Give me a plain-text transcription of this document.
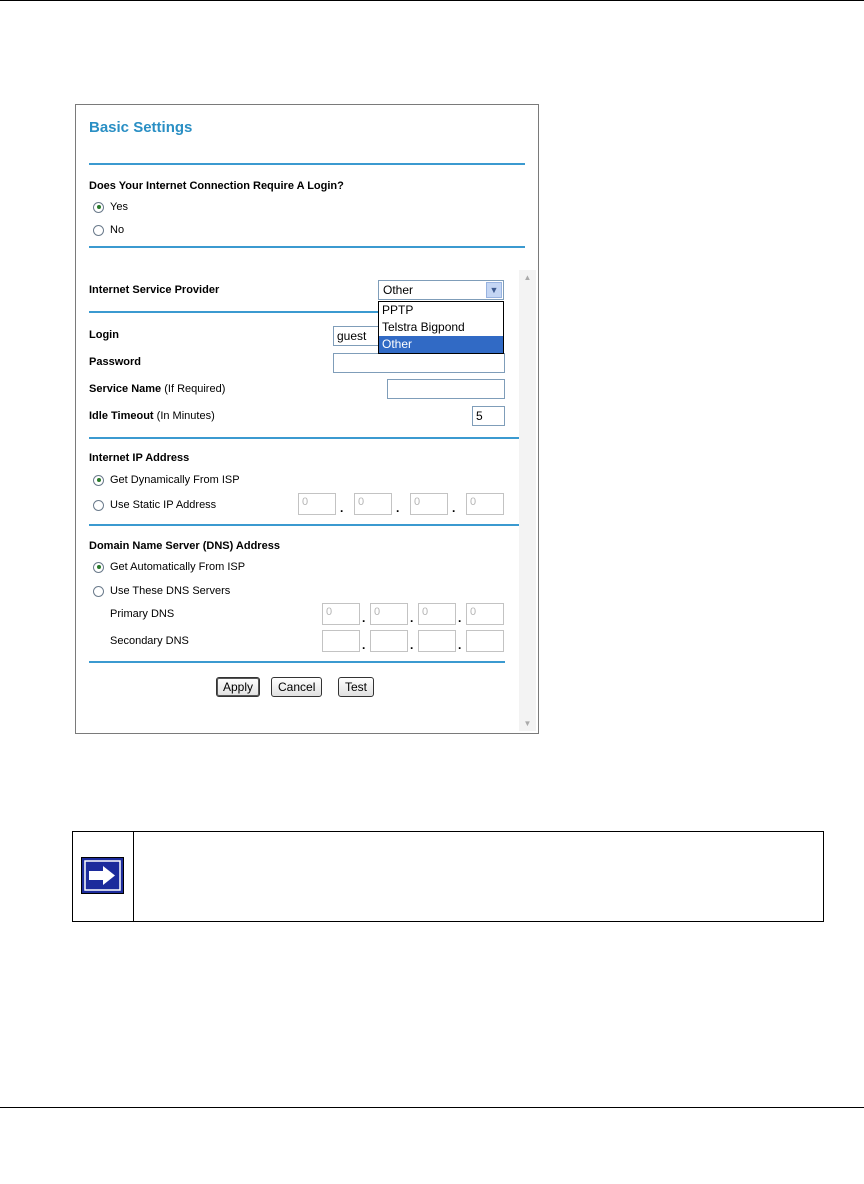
Basic Settings
Does Your Internet Connection Require A Login?
Yes
No
Internet Service Provider	Other	▼
PPTP
Telstra Bigpond
Other
Login	guest
Password
Service Name (If Required)
Idle Timeout (In Minutes)	5
Internet IP Address
Get Dynamically From ISP
Use Static IP Address	0	.	0	.	0	.	0
Domain Name Server (DNS) Address
Get Automatically From ISP
Use These DNS Servers
Primary DNS	0	. 0	. 0	. 0
Secondary DNS	.	.	.
Apply	Cancel	Test
▲
▼
